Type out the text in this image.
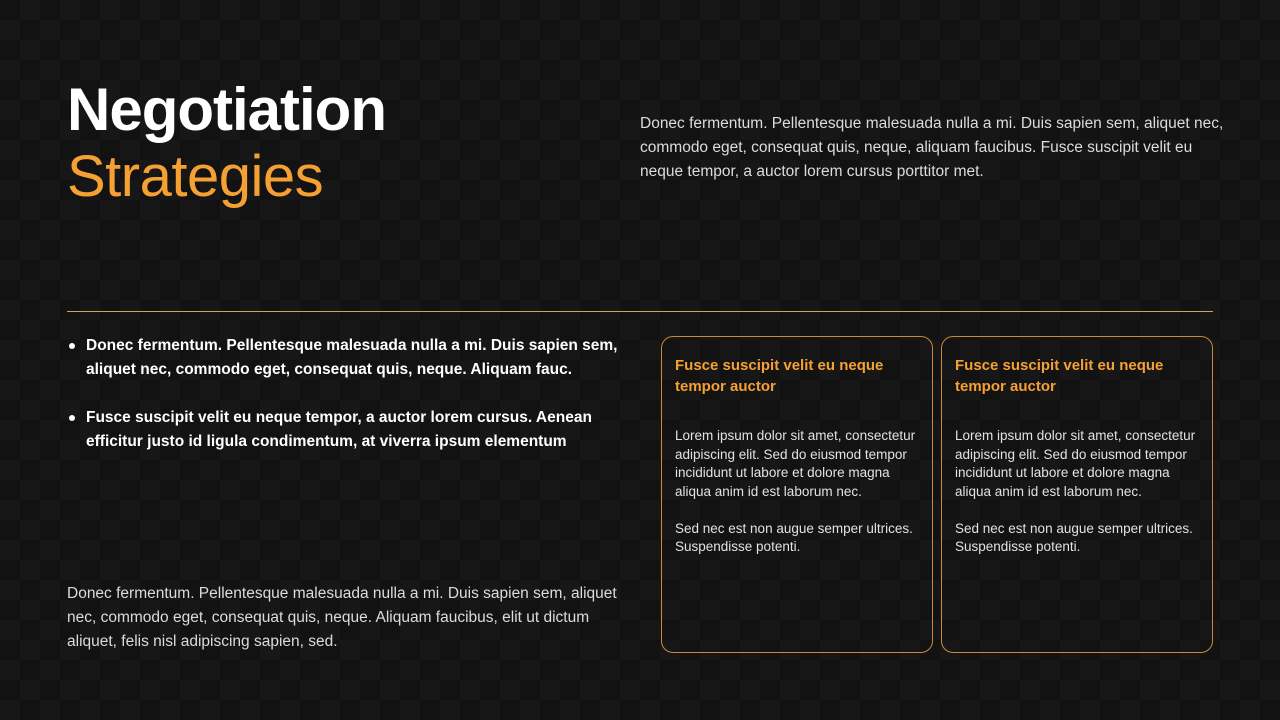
Negotiation
Strategies

Donec fermentum. Pellentesque malesuada nulla a mi. Duis sapien sem, aliquet nec, commodo eget, consequat quis, neque, aliquam faucibus. Fusce suscipit velit eu neque tempor, a auctor lorem cursus porttitor met.

Donec fermentum. Pellentesque malesuada nulla a mi. Duis sapien sem, aliquet nec, commodo eget, consequat quis, neque. Aliquam fauc.
Fusce suscipit velit eu neque tempor, a auctor lorem cursus. Aenean efficitur justo id ligula condimentum, at viverra ipsum elementum

Donec fermentum. Pellentesque malesuada nulla a mi. Duis sapien sem, aliquet nec, commodo eget, consequat quis, neque. Aliquam faucibus, elit ut dictum aliquet, felis nisl adipiscing sapien, sed.

Fusce suscipit velit eu neque tempor auctor

Lorem ipsum dolor sit amet, consectetur adipiscing elit. Sed do eiusmod tempor incididunt ut labore et dolore magna aliqua anim id est laborum nec.

Sed nec est non augue semper ultrices. Suspendisse potenti.

Fusce suscipit velit eu neque tempor auctor

Lorem ipsum dolor sit amet, consectetur adipiscing elit. Sed do eiusmod tempor incididunt ut labore et dolore magna aliqua anim id est laborum nec.

Sed nec est non augue semper ultrices. Suspendisse potenti.
